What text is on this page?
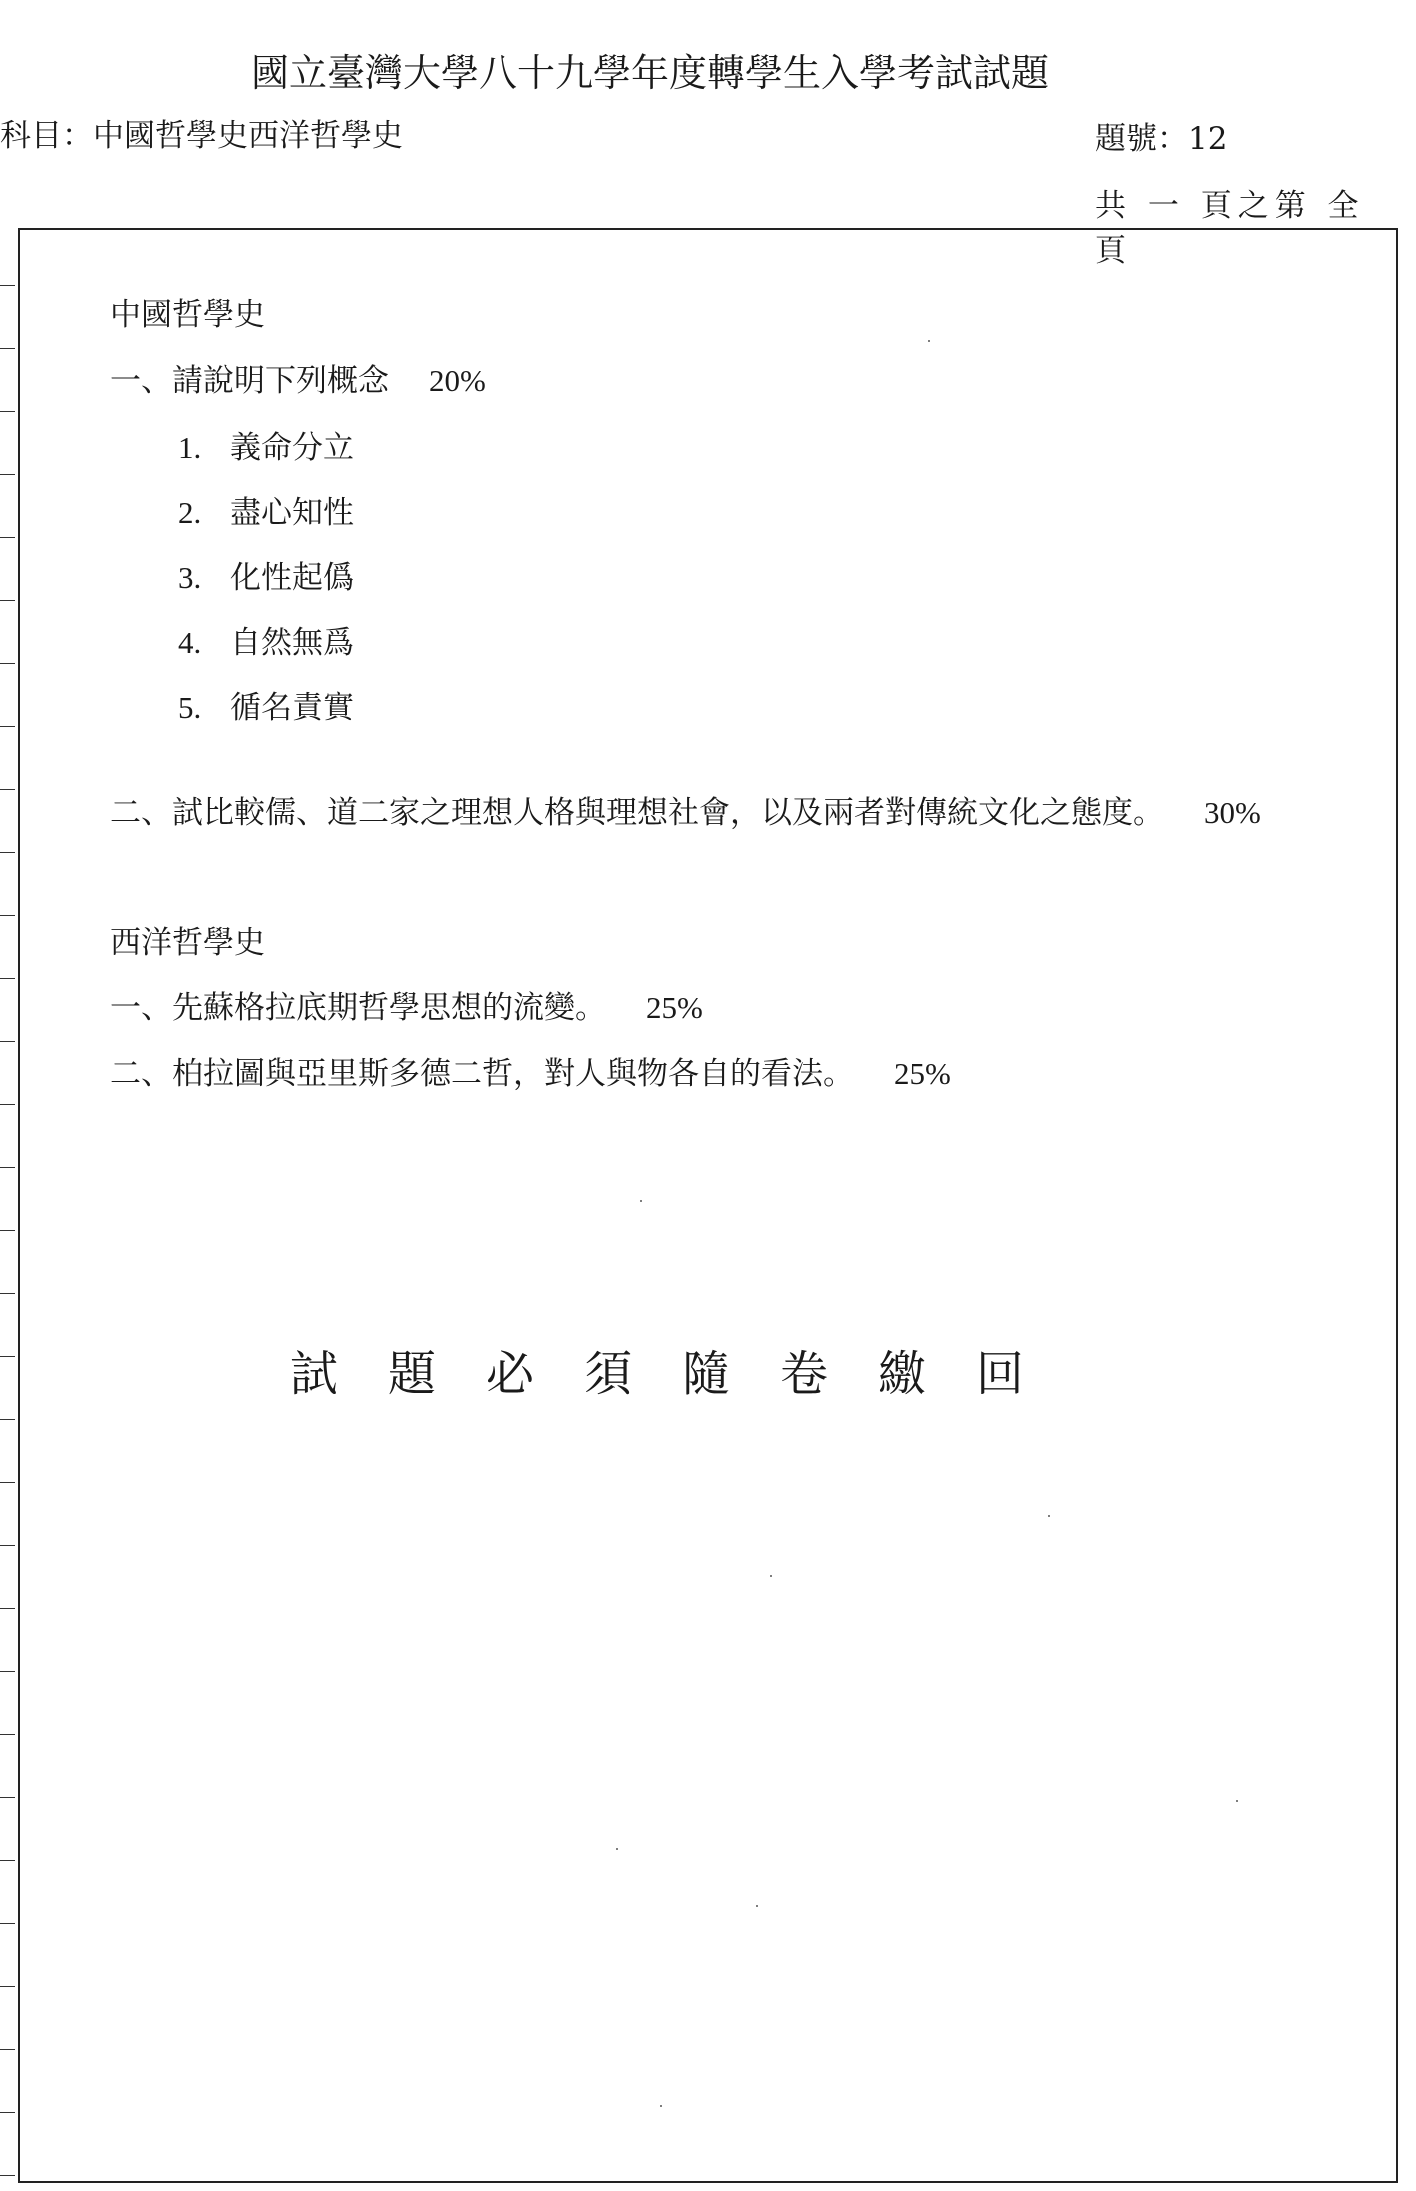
國立臺灣大學八十九學年度轉學生入學考試試題
科目：中國哲學史西洋哲學史	題號：12
共 一 頁之第 全 頁
中國哲學史
一、請說明下列概念 20%
1. 義命分立
2. 盡心知性
3. 化性起僞
4. 自然無爲
5. 循名責實
二、試比較儒、道二家之理想人格與理想社會，以及兩者對傳統文化之態度。 30%
西洋哲學史
一、先蘇格拉底期哲學思想的流變。 25%
二、柏拉圖與亞里斯多德二哲，對人與物各自的看法。 25%
試題必須隨卷繳回
